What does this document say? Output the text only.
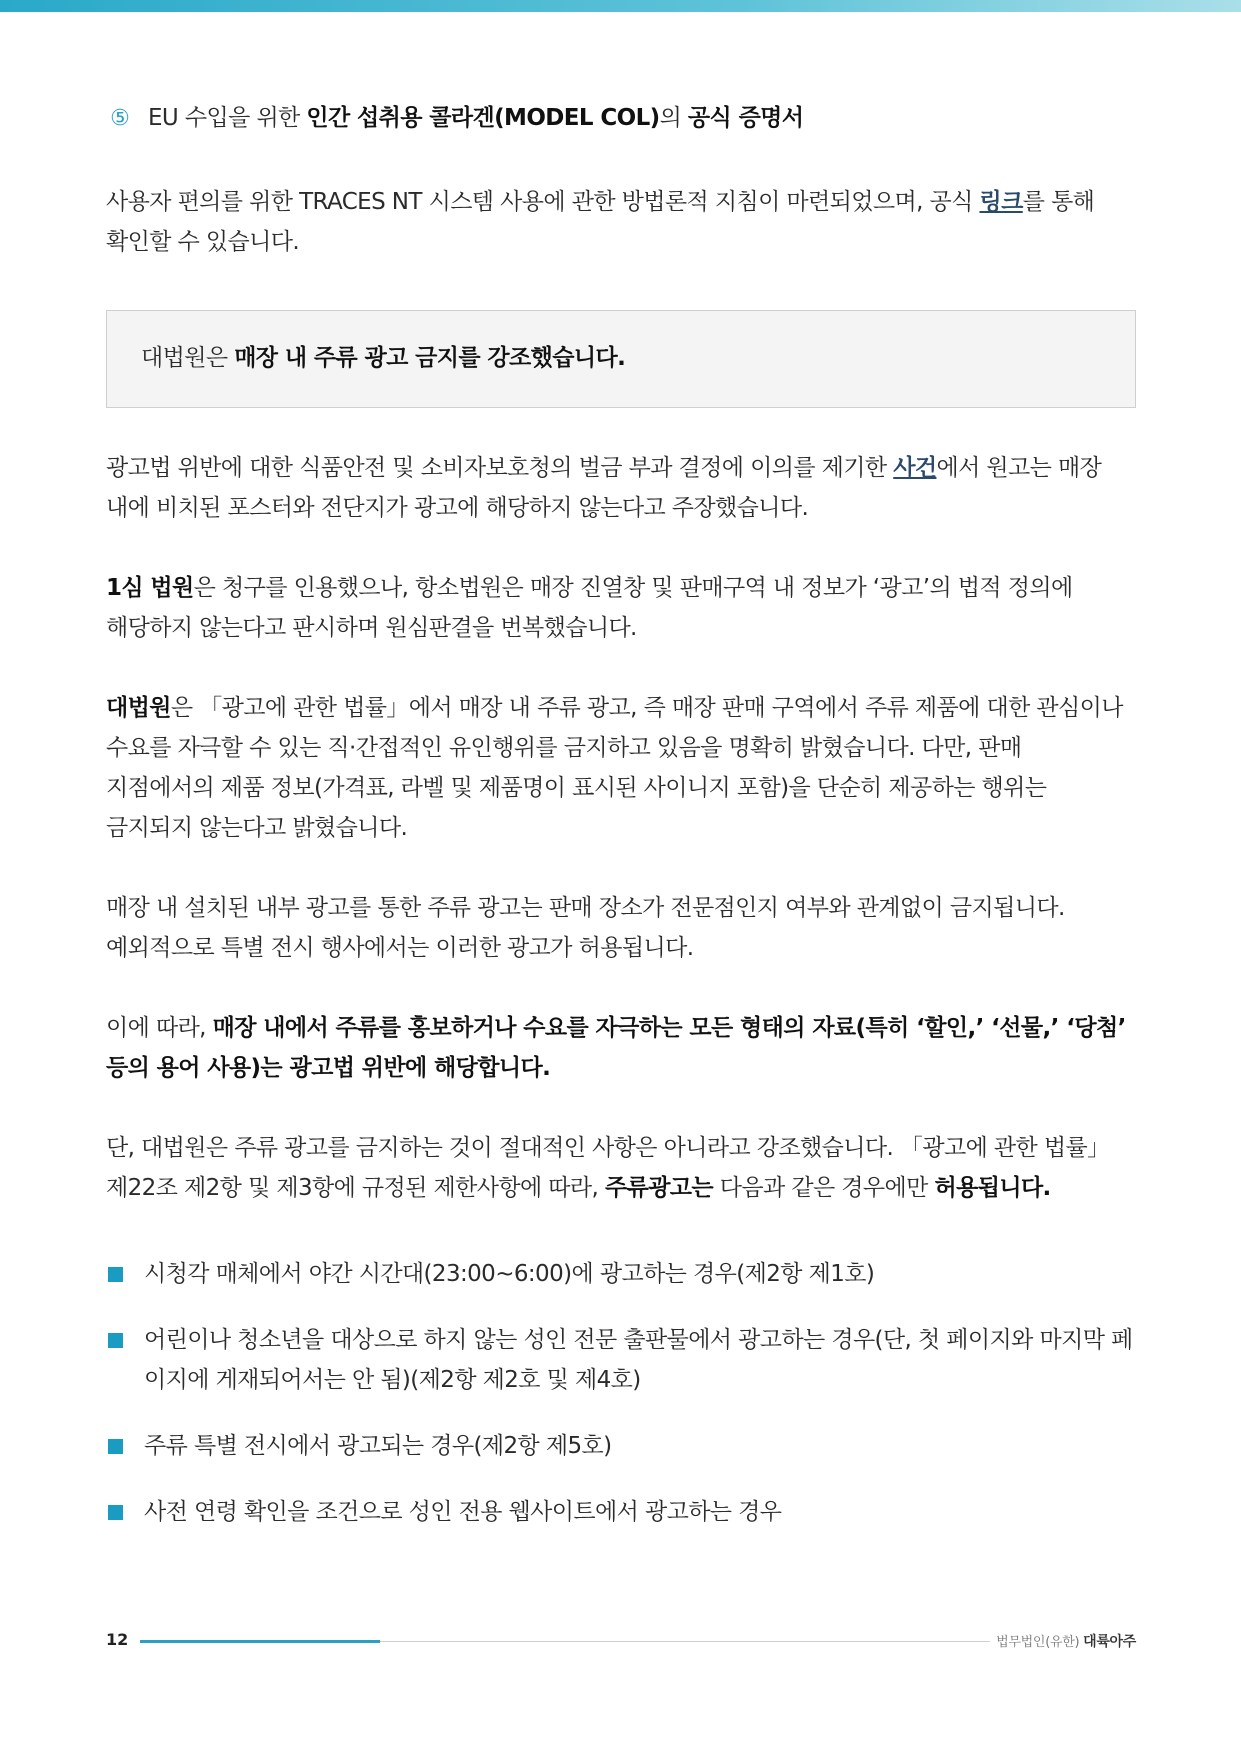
⑤ EU 수입을 위한 인간 섭취용 콜라겐(MODEL COL)의 공식 증명서

사용자 편의를 위한 TRACES NT 시스템 사용에 관한 방법론적 지침이 마련되었으며, 공식 링크를 통해 확인할 수 있습니다.

대법원은 매장 내 주류 광고 금지를 강조했습니다.

광고법 위반에 대한 식품안전 및 소비자보호청의 벌금 부과 결정에 이의를 제기한 사건에서 원고는 매장 내에 비치된 포스터와 전단지가 광고에 해당하지 않는다고 주장했습니다.

1심 법원은 청구를 인용했으나, 항소법원은 매장 진열창 및 판매구역 내 정보가 ‘광고’의 법적 정의에 해당하지 않는다고 판시하며 원심판결을 번복했습니다.

대법원은 「광고에 관한 법률」에서 매장 내 주류 광고, 즉 매장 판매 구역에서 주류 제품에 대한 관심이나 수요를 자극할 수 있는 직·간접적인 유인행위를 금지하고 있음을 명확히 밝혔습니다. 다만, 판매 지점에서의 제품 정보(가격표, 라벨 및 제품명이 표시된 사이니지 포함)을 단순히 제공하는 행위는 금지되지 않는다고 밝혔습니다.

매장 내 설치된 내부 광고를 통한 주류 광고는 판매 장소가 전문점인지 여부와 관계없이 금지됩니다. 예외적으로 특별 전시 행사에서는 이러한 광고가 허용됩니다.

이에 따라, 매장 내에서 주류를 홍보하거나 수요를 자극하는 모든 형태의 자료(특히 ‘할인,’ ‘선물,’ ‘당첨’ 등의 용어 사용)는 광고법 위반에 해당합니다.

단, 대법원은 주류 광고를 금지하는 것이 절대적인 사항은 아니라고 강조했습니다. 「광고에 관한 법률」 제22조 제2항 및 제3항에 규정된 제한사항에 따라, 주류광고는 다음과 같은 경우에만 허용됩니다.

시청각 매체에서 야간 시간대(23:00~6:00)에 광고하는 경우(제2항 제1호)
어린이나 청소년을 대상으로 하지 않는 성인 전문 출판물에서 광고하는 경우(단, 첫 페이지와 마지막 페이지에 게재되어서는 안 됨)(제2항 제2호 및 제4호)
주류 특별 전시에서 광고되는 경우(제2항 제5호)
사전 연령 확인을 조건으로 성인 전용 웹사이트에서 광고하는 경우
12	법무법인(유한) 대륙아주
